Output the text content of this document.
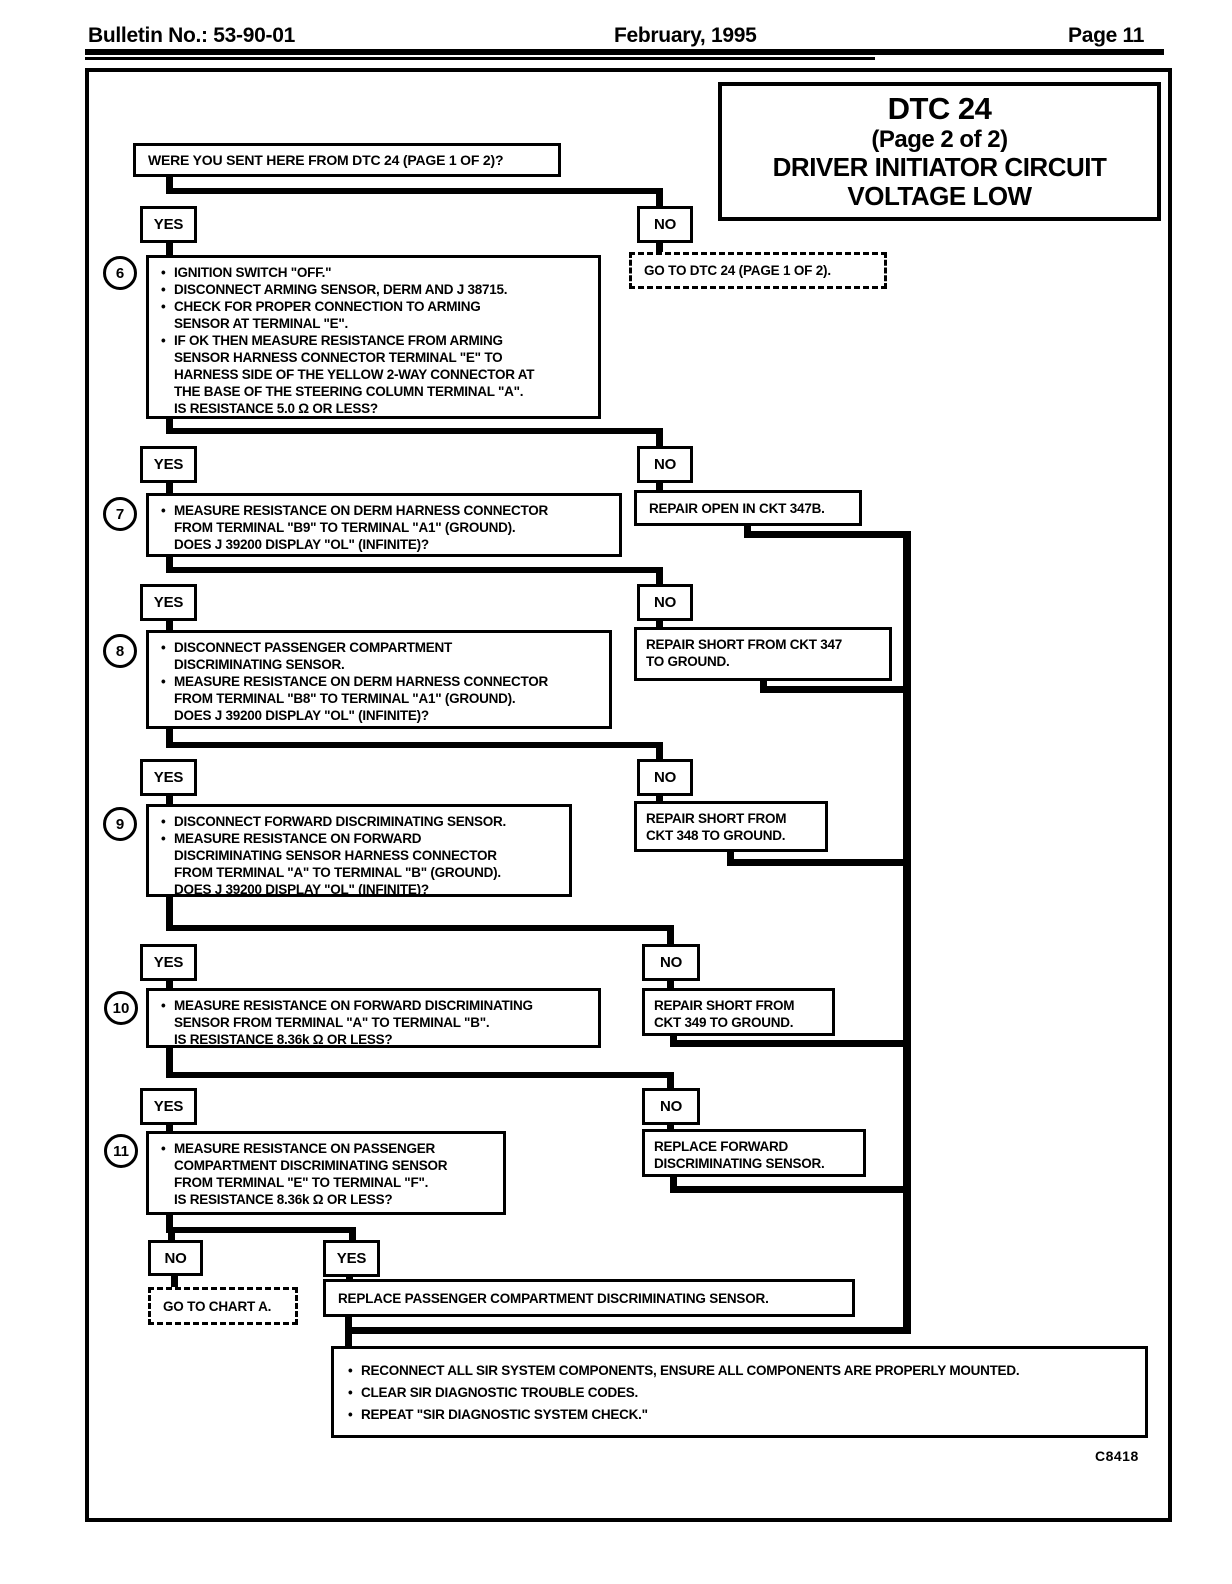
Bulletin No.: 53-90-01	February, 1995	Page 11
DTC 24
(Page 2 of 2)
DRIVER INITIATOR CIRCUIT
VOLTAGE LOW
WERE YOU SENT HERE FROM DTC 24 (PAGE 1 OF 2)?
YES	NO
GO TO DTC 24 (PAGE 1 OF 2).
6	• IGNITION SWITCH "OFF."
• DISCONNECT ARMING SENSOR, DERM AND J 38715.
• CHECK FOR PROPER CONNECTION TO ARMING
SENSOR AT TERMINAL "E".
• IF OK THEN MEASURE RESISTANCE FROM ARMING
SENSOR HARNESS CONNECTOR TERMINAL "E" TO
HARNESS SIDE OF THE YELLOW 2-WAY CONNECTOR AT
THE BASE OF THE STEERING COLUMN TERMINAL "A".
IS RESISTANCE 5.0 Ω OR LESS?
YES	NO
REPAIR OPEN IN CKT 347B.
7	• MEASURE RESISTANCE ON DERM HARNESS CONNECTOR
FROM TERMINAL "B9" TO TERMINAL "A1" (GROUND).
DOES J 39200 DISPLAY "OL" (INFINITE)?
YES	NO
REPAIR SHORT FROM CKT 347
TO GROUND.
8	• DISCONNECT PASSENGER COMPARTMENT
DISCRIMINATING SENSOR.
• MEASURE RESISTANCE ON DERM HARNESS CONNECTOR
FROM TERMINAL "B8" TO TERMINAL "A1" (GROUND).
DOES J 39200 DISPLAY "OL" (INFINITE)?
YES	NO
REPAIR SHORT FROM
CKT 348 TO GROUND.
9	• DISCONNECT FORWARD DISCRIMINATING SENSOR.
• MEASURE RESISTANCE ON FORWARD
DISCRIMINATING SENSOR HARNESS CONNECTOR
FROM TERMINAL "A" TO TERMINAL "B" (GROUND).
DOES J 39200 DISPLAY "OL" (INFINITE)?
YES	NO
REPAIR SHORT FROM
CKT 349 TO GROUND.
10	• MEASURE RESISTANCE ON FORWARD DISCRIMINATING
SENSOR FROM TERMINAL "A" TO TERMINAL "B".
IS RESISTANCE 8.36k Ω OR LESS?
YES	NO
REPLACE FORWARD
DISCRIMINATING SENSOR.
11	• MEASURE RESISTANCE ON PASSENGER
COMPARTMENT DISCRIMINATING SENSOR
FROM TERMINAL "E" TO TERMINAL "F".
IS RESISTANCE 8.36k Ω OR LESS?
NO	YES
GO TO CHART A.
REPLACE PASSENGER COMPARTMENT DISCRIMINATING SENSOR.
• RECONNECT ALL SIR SYSTEM COMPONENTS, ENSURE ALL COMPONENTS ARE PROPERLY MOUNTED.
• CLEAR SIR DIAGNOSTIC TROUBLE CODES.
• REPEAT "SIR DIAGNOSTIC SYSTEM CHECK."
C8418
